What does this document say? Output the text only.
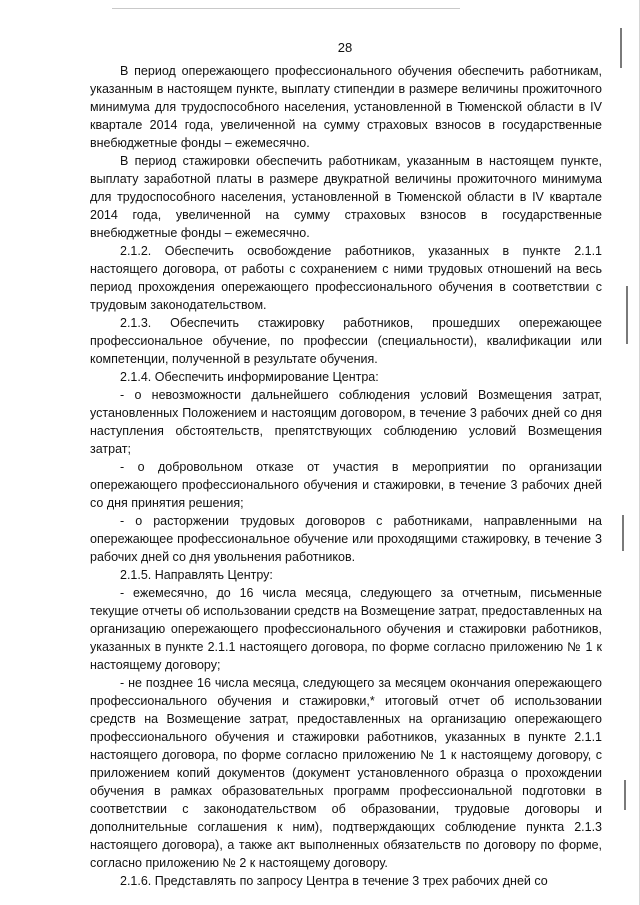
28

В период опережающего профессионального обучения обеспечить работникам, указанным в настоящем пункте, выплату стипендии в размере величины прожиточного минимума для трудоспособного населения, установленной в Тюменской области в IV квартале 2014 года, увеличенной на сумму страховых взносов в государственные внебюджетные фонды – ежемесячно.

В период стажировки обеспечить работникам, указанным в настоящем пункте, выплату заработной платы в размере двукратной величины прожиточного минимума для трудоспособного населения, установленной в Тюменской области в IV квартале 2014 года, увеличенной на сумму страховых взносов в государственные внебюджетные фонды – ежемесячно.

2.1.2. Обеспечить освобождение работников, указанных в пункте 2.1.1 настоящего договора, от работы с сохранением с ними трудовых отношений на весь период прохождения опережающего профессионального обучения в соответствии с трудовым законодательством.

2.1.3. Обеспечить стажировку работников, прошедших опережающее профессиональное обучение, по профессии (специальности), квалификации или компетенции, полученной в результате обучения.

2.1.4. Обеспечить информирование Центра:

- о невозможности дальнейшего соблюдения условий Возмещения затрат, установленных Положением и настоящим договором, в течение 3 рабочих дней со дня наступления обстоятельств, препятствующих соблюдению условий Возмещения затрат;

- о добровольном отказе от участия в мероприятии по организации опережающего профессионального обучения и стажировки, в течение 3 рабочих дней со дня принятия решения;

- о расторжении трудовых договоров с работниками, направленными на опережающее профессиональное обучение или проходящими стажировку, в течение 3 рабочих дней со дня увольнения работников.

2.1.5. Направлять Центру:

- ежемесячно, до 16 числа месяца, следующего за отчетным, письменные текущие отчеты об использовании средств на Возмещение затрат, предоставленных на организацию опережающего профессионального обучения и стажировки работников, указанных в пункте 2.1.1 настоящего договора, по форме согласно приложению № 1 к настоящему договору;

- не позднее 16 числа месяца, следующего за месяцем окончания опережающего профессионального обучения и стажировки,* итоговый отчет об использовании средств на Возмещение затрат, предоставленных на организацию опережающего профессионального обучения и стажировки работников, указанных в пункте 2.1.1 настоящего договора, по форме согласно приложению № 1 к настоящему договору, с приложением копий документов (документ установленного образца о прохождении обучения в рамках образовательных программ профессиональной подготовки в соответствии с законодательством об образовании, трудовые договоры и дополнительные соглашения к ним), подтверждающих соблюдение пункта 2.1.3 настоящего договора), а также акт выполненных обязательств по договору по форме, согласно приложению № 2 к настоящему договору.

2.1.6. Представлять по запросу Центра в течение 3 трех рабочих дней со
